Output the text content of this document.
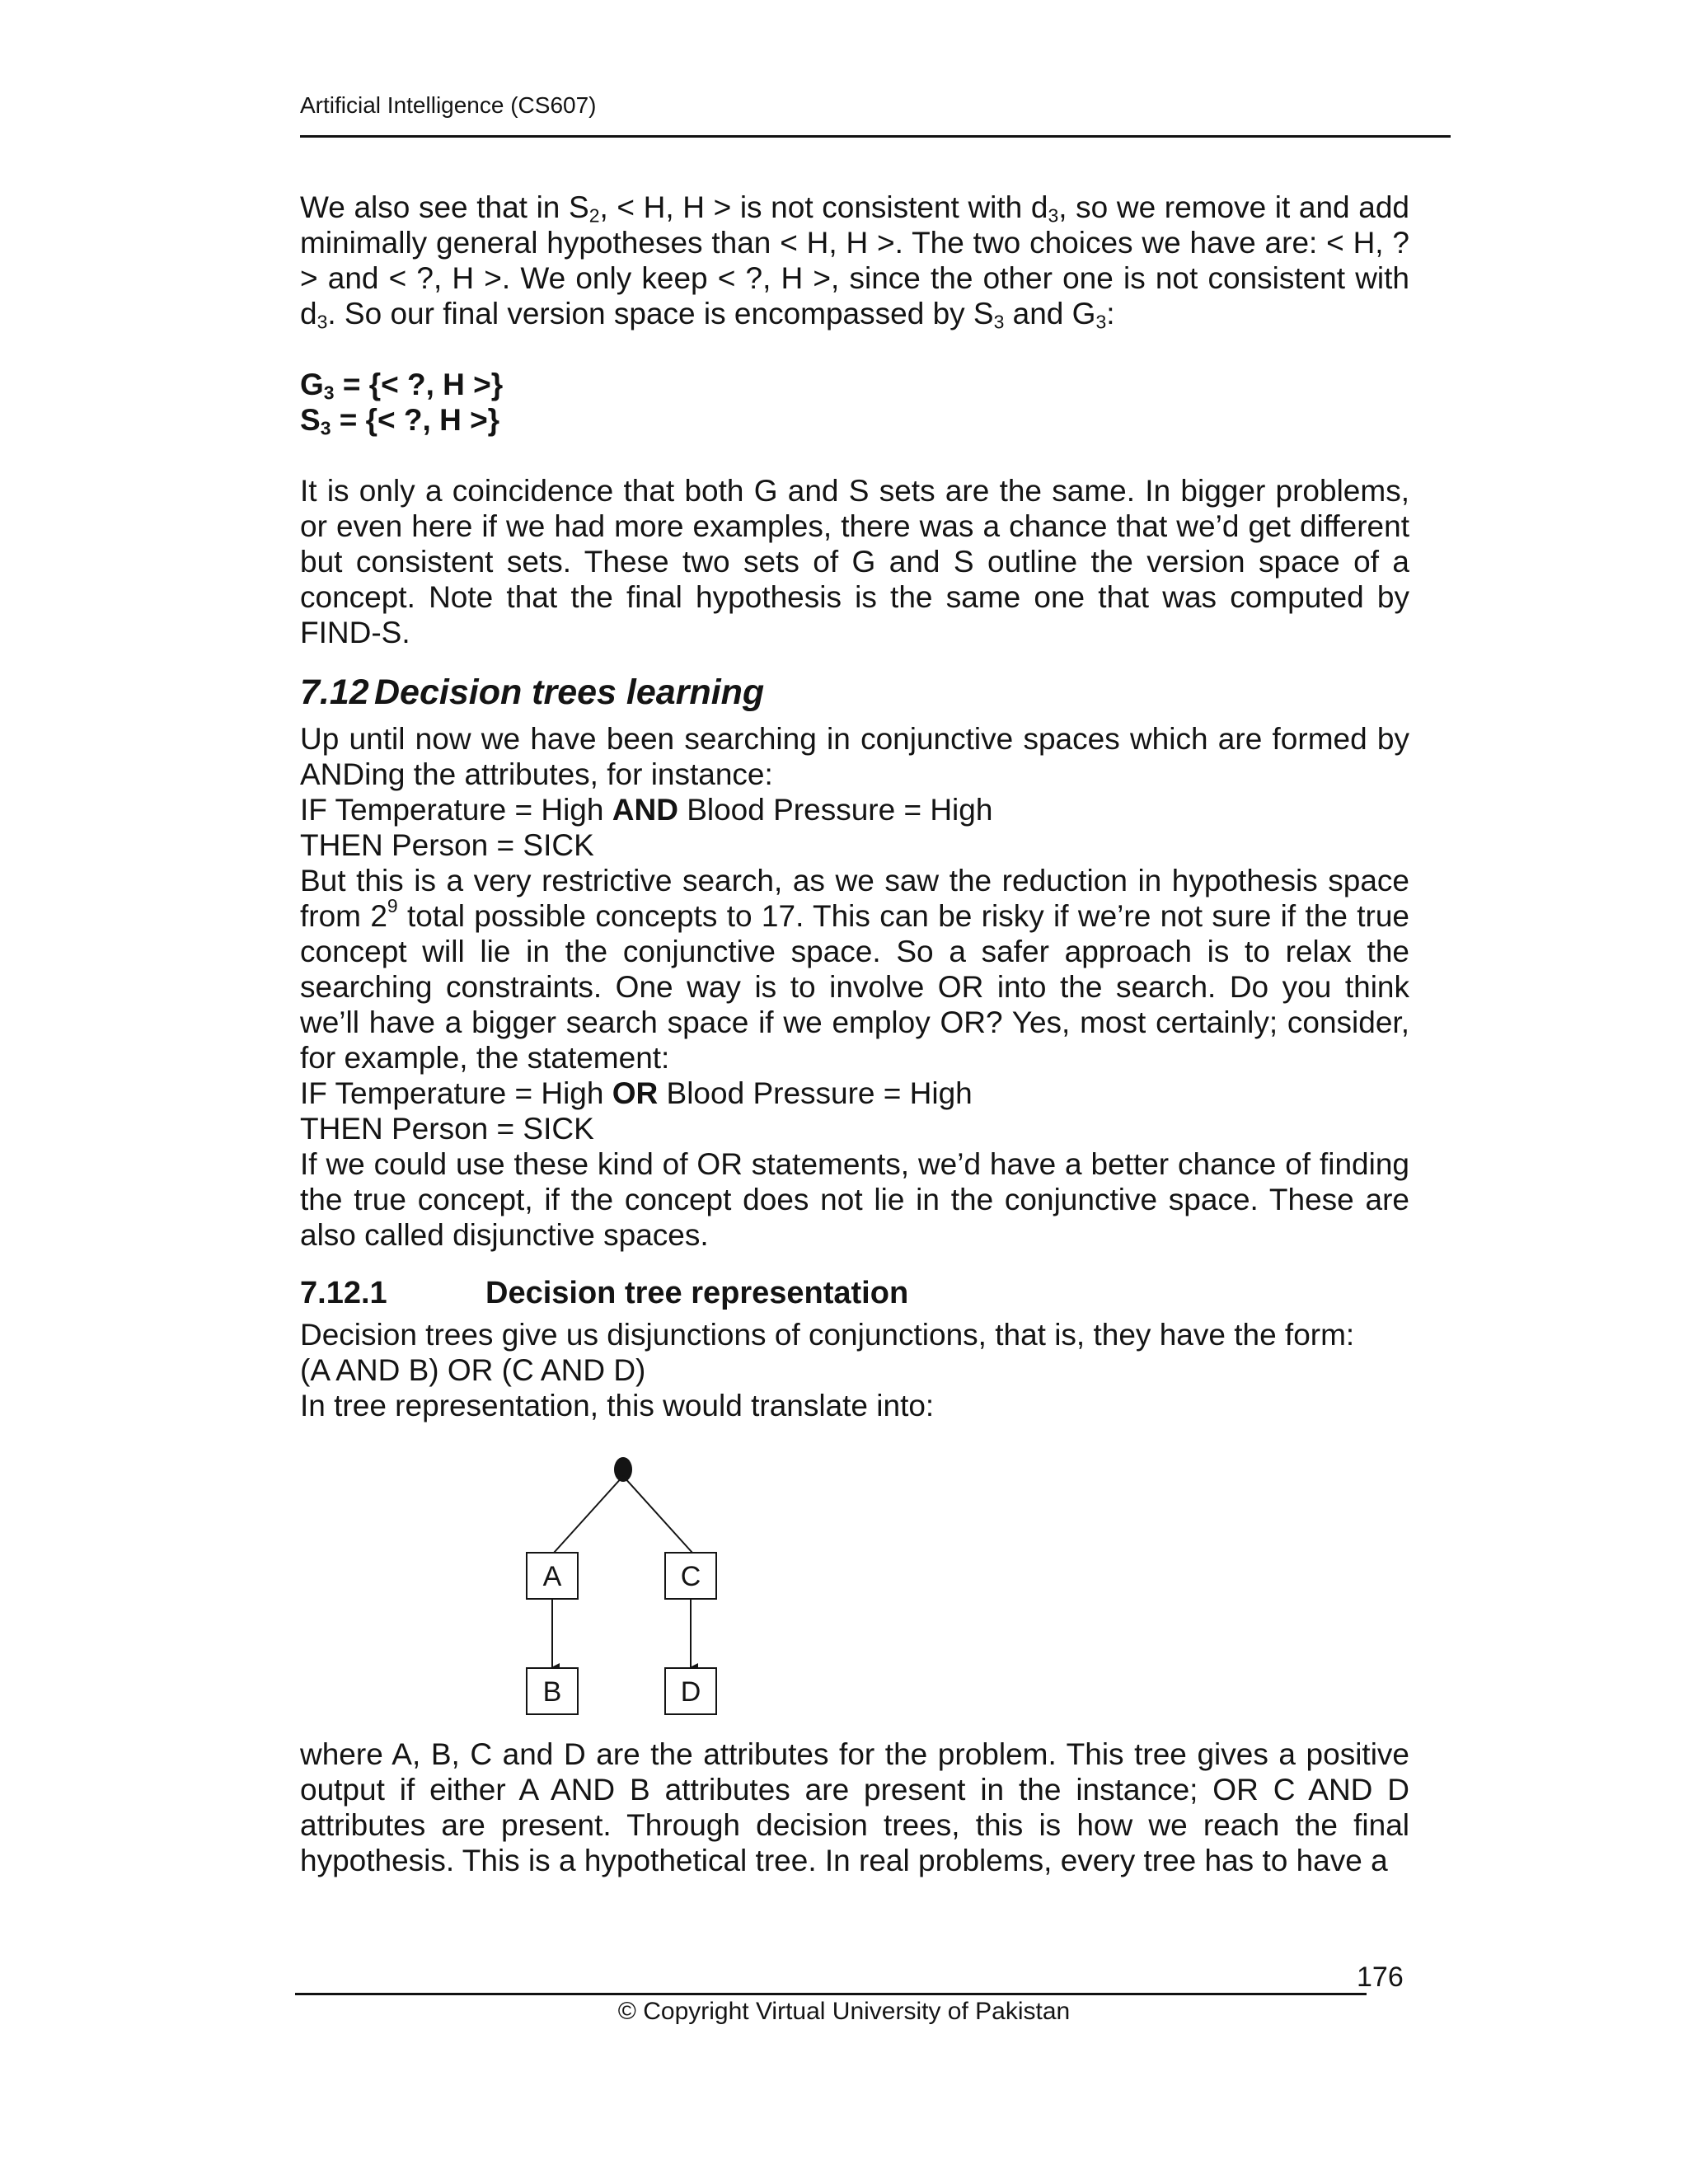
Artificial Intelligence (CS607)

We also see that in $S_2$, < H, H > is not consistent with $d_3$, so we remove it and add minimally general hypotheses than < H, H >. The two choices we have are: < H, ? > and < ?, H >. We only keep < ?, H >, since the other one is not consistent with $d_3$. So our final version space is encompassed by $S_3$ and $G_3$:

$G_3$ = {< ?, H >}
$S_3$ = {< ?, H >}

It is only a coincidence that both G and S sets are the same. In bigger problems, or even here if we had more examples, there was a chance that we’d get different but consistent sets. These two sets of G and S outline the version space of a concept. Note that the final hypothesis is the same one that was computed by FIND-S.

7.12 Decision trees learning

Up until now we have been searching in conjunctive spaces which are formed by ANDing the attributes, for instance:

IF Temperature = High AND Blood Pressure = High
THEN Person = SICK

But this is a very restrictive search, as we saw the reduction in hypothesis space from $2^9$ total possible concepts to 17. This can be risky if we’re not sure if the true concept will lie in the conjunctive space. So a safer approach is to relax the searching constraints. One way is to involve OR into the search. Do you think we’ll have a bigger search space if we employ OR? Yes, most certainly; consider, for example, the statement:

IF Temperature = High OR Blood Pressure = High
THEN Person = SICK

If we could use these kind of OR statements, we’d have a better chance of finding the true concept, if the concept does not lie in the conjunctive space. These are also called disjunctive spaces.

7.12.1	Decision tree representation
Decision trees give us disjunctions of conjunctions, that is, they have the form:
(A AND B) OR (C AND D)
In tree representation, this would translate into:
A	C
B	D

where A, B, C and D are the attributes for the problem. This tree gives a positive output if either A AND B attributes are present in the instance; OR C AND D attributes are present. Through decision trees, this is how we reach the final hypothesis. This is a hypothetical tree. In real problems, every tree has to have a

176
© Copyright Virtual University of Pakistan
